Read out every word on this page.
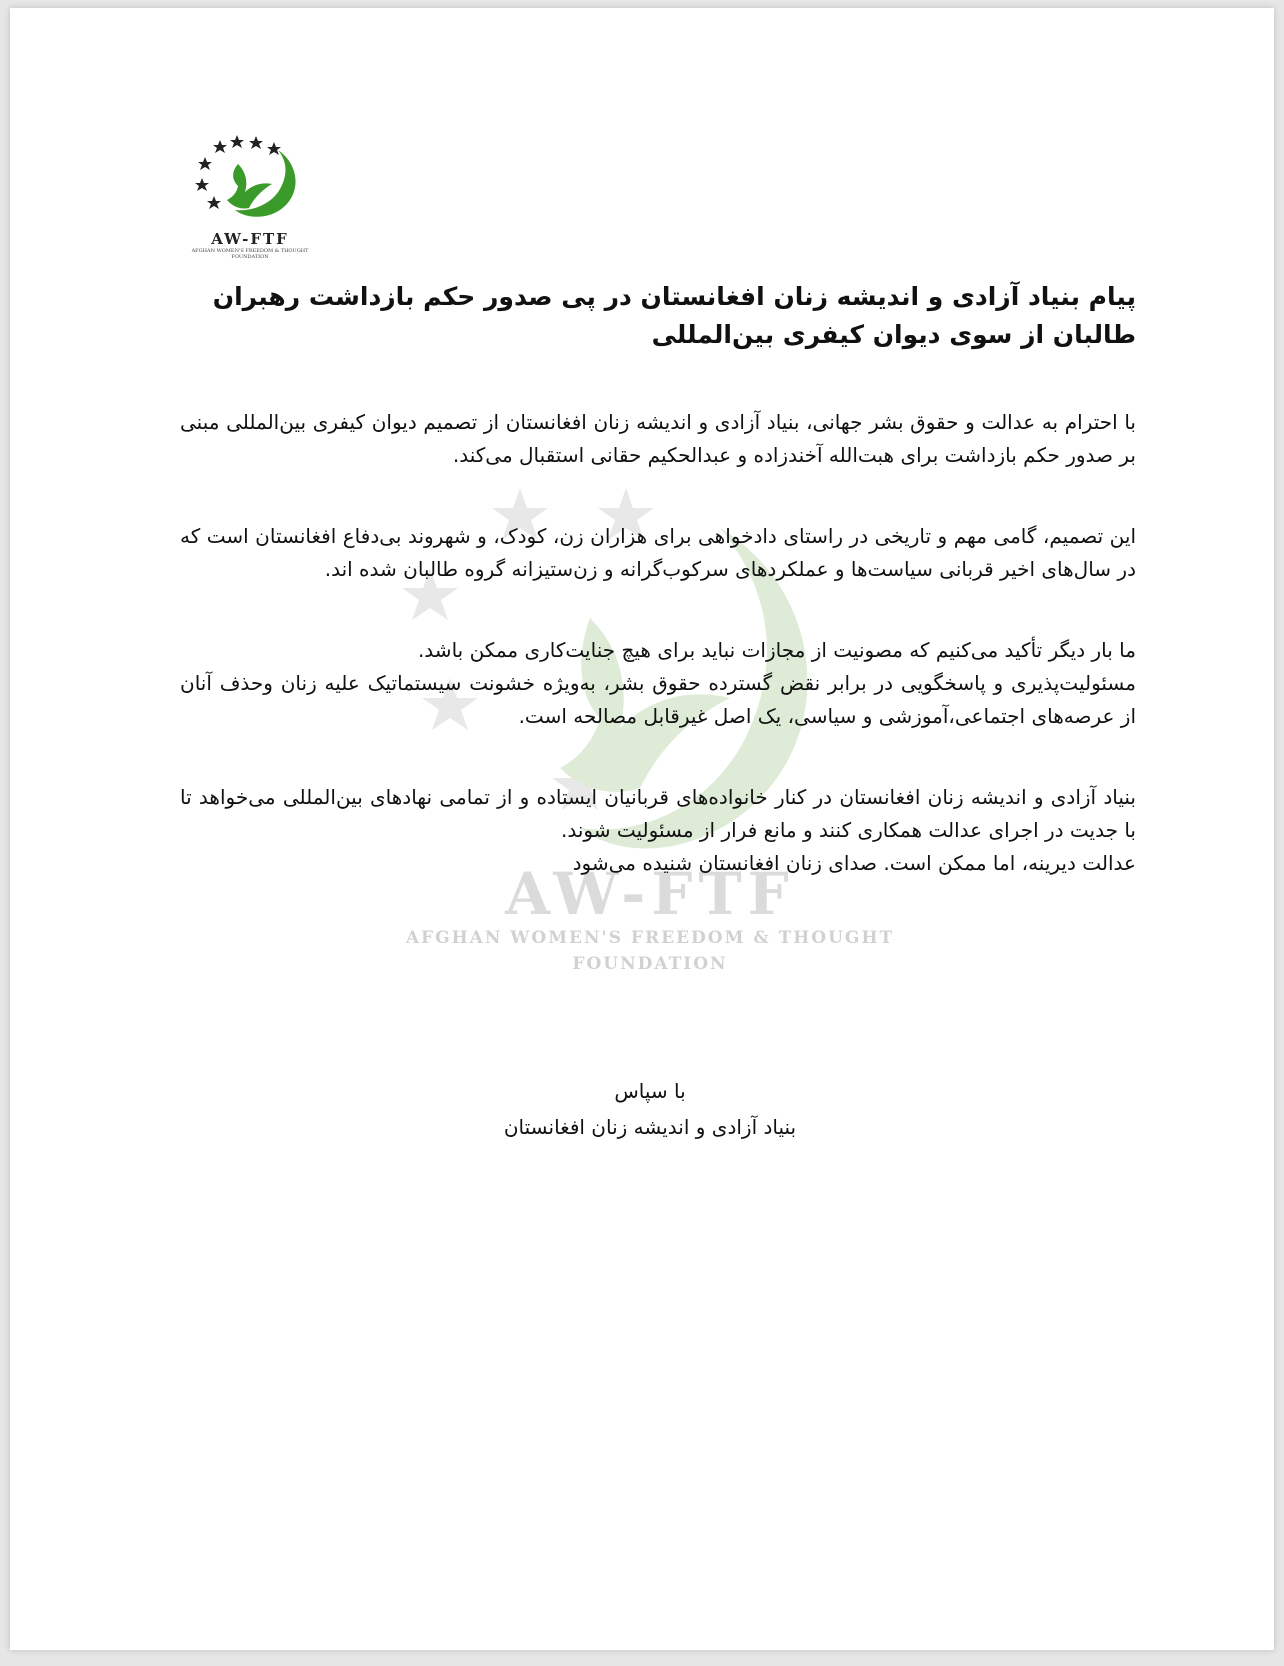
AW-FTF
AFGHAN WOMEN'S FREEDOM & THOUGHT
FOUNDATION
AW-FTF
AFGHAN WOMEN'S FREEDOM & THOUGHT FOUNDATION
پیام بنیاد آزادی و اندیشه زنان افغانستان در پی صدور حکم بازداشت رهبران طالبان از سوی دیوان کیفری بین‌المللی
با احترام به عدالت و حقوق بشر جهانی، بنیاد آزادی و اندیشه زنان افغانستان از تصمیم دیوان کیفری بین‌المللی مبنی بر صدور حکم بازداشت برای هبت‌الله آخندزاده و عبدالحکیم حقانی استقبال می‌کند.
این تصمیم، گامی مهم و تاریخی در راستای دادخواهی برای هزاران زن، کودک، و شهروند بی‌دفاع افغانستان است که در سال‌های اخیر قربانی سیاست‌ها و عملکردهای سرکوب‌گرانه و زن‌ستیزانه گروه طالبان شده اند.
ما بار دیگر تأکید می‌کنیم که مصونیت از مجازات نباید برای هیچ جنایت‌کاری ممکن باشد.
مسئولیت‌پذیری و پاسخگویی در برابر نقض گسترده حقوق بشر، به‌ویژه خشونت سیستماتیک علیه زنان وحذف آنان از عرصه‌های اجتماعی،آموزشی و سیاسی، یک اصل غیرقابل مصالحه است.
بنیاد آزادی و اندیشه زنان افغانستان در کنار خانواده‌های قربانیان ایستاده و از تمامی نهادهای بین‌المللی می‌خواهد تا با جدیت در اجرای عدالت همکاری کنند و مانع فرار از مسئولیت شوند.
عدالت دیرینه، اما ممکن است. صدای زنان افغانستان شنیده می‌شود
با سپاس
بنیاد آزادی و اندیشه زنان افغانستان
